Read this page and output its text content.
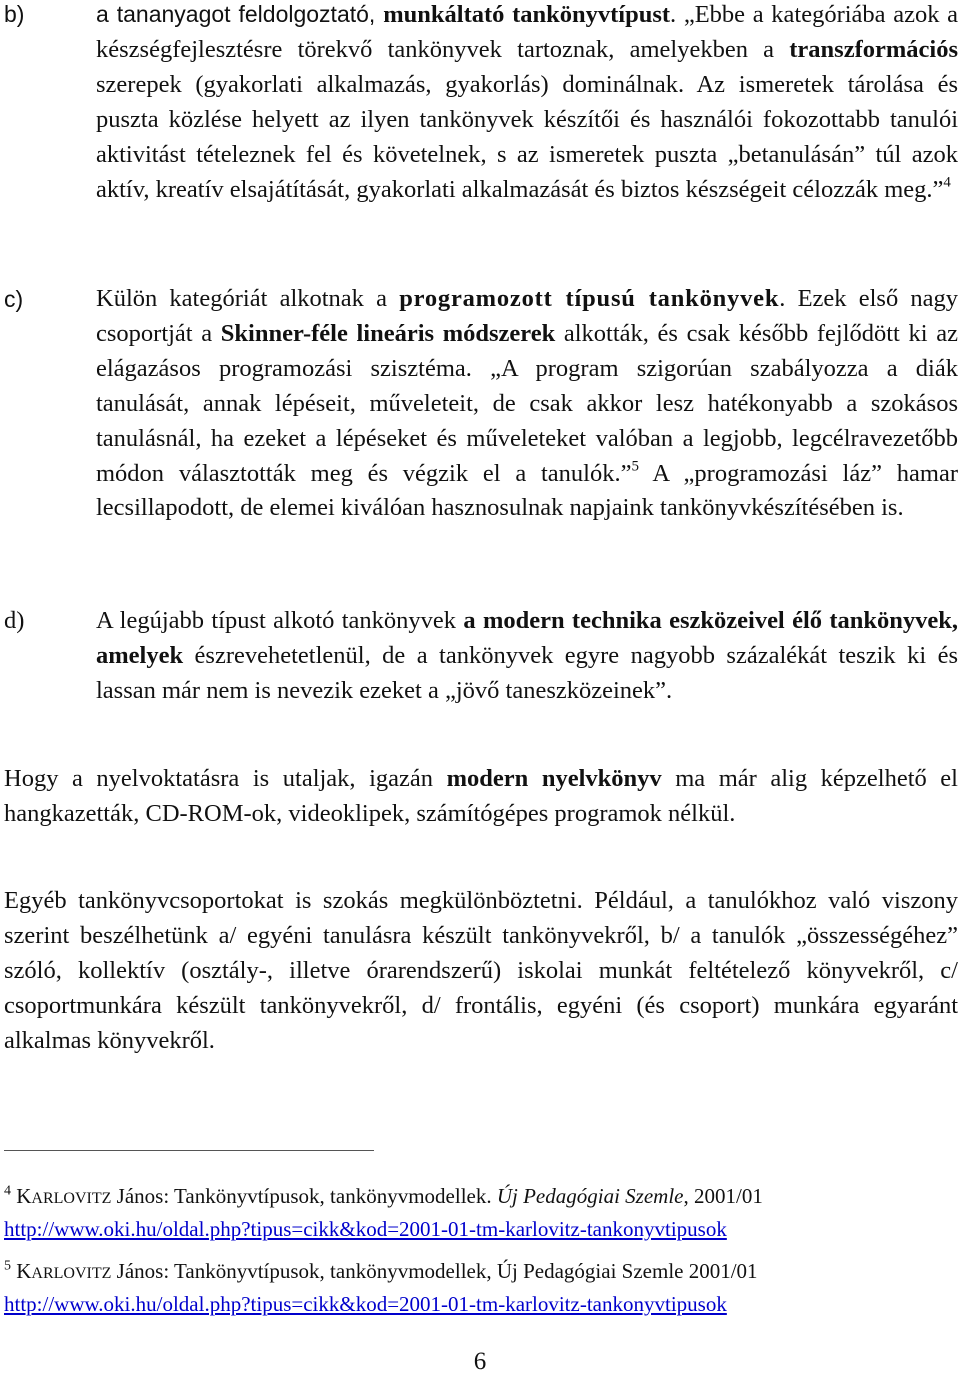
b)	a tananyagot feldolgoztató, munkáltató tankönyvtípust. „Ebbe a kategóriába azok a készségfejlesztésre törekvő tankönyvek tartoznak, amelyekben a transzformációs szerepek (gyakorlati alkalmazás, gyakorlás) dominálnak. Az ismeretek tárolása és puszta közlése helyett az ilyen tankönyvek készítői és használói fokozottabb tanulói aktivitást tételeznek fel és követelnek, s az ismeretek puszta „betanulásán” túl azok aktív, kreatív elsajátítását, gyakorlati alkalmazását és biztos készségeit célozzák meg.”$^4$
c)	Külön kategóriát alkotnak a programozott típusú tankönyvek. Ezek első nagy csoportját a Skinner-féle lineáris módszerek alkották, és csak később fejlődött ki az elágazásos programozási szisztéma. „A program szigorúan szabályozza a diák tanulását, annak lépéseit, műveleteit, de csak akkor lesz hatékonyabb a szokásos tanulásnál, ha ezeket a lépéseket és műveleteket valóban a legjobb, legcélravezetőbb módon választották meg és végzik el a tanulók.”$^5$ A „programozási láz” hamar lecsillapodott, de elemei kiválóan hasznosulnak napjaink tankönyvkészítésében is.
d)	A legújabb típust alkotó tankönyvek a modern technika eszközeivel élő tankönyvek, amelyek észrevehetetlenül, de a tankönyvek egyre nagyobb százalékát teszik ki és lassan már nem is nevezik ezeket a „jövő taneszközeinek”.
Hogy a nyelvoktatásra is utaljak, igazán modern nyelvkönyv ma már alig képzelhető el hangkazetták, CD-ROM-ok, videoklipek, számítógépes programok nélkül.
Egyéb tankönyvcsoportokat is szokás megkülönböztetni. Például, a tanulókhoz való viszony szerint beszélhetünk a/ egyéni tanulásra készült tankönyvekről, b/ a tanulók „összességéhez” szóló, kollektív (osztály-, illetve órarendszerű) iskolai munkát feltételező könyvekről, c/ csoportmunkára készült tankönyvekről, d/ frontális, egyéni (és csoport) munkára egyaránt alkalmas könyvekről.
$^4$ KARLOVITZ János: Tankönyvtípusok, tankönyvmodellek. Új Pedagógiai Szemle, 2001/01
http://www.oki.hu/oldal.php?tipus=cikk&kod=2001-01-tm-karlovitz-tankonyvtipusok
$^5$ KARLOVITZ János: Tankönyvtípusok, tankönyvmodellek, Új Pedagógiai Szemle 2001/01
http://www.oki.hu/oldal.php?tipus=cikk&kod=2001-01-tm-karlovitz-tankonyvtipusok
6
